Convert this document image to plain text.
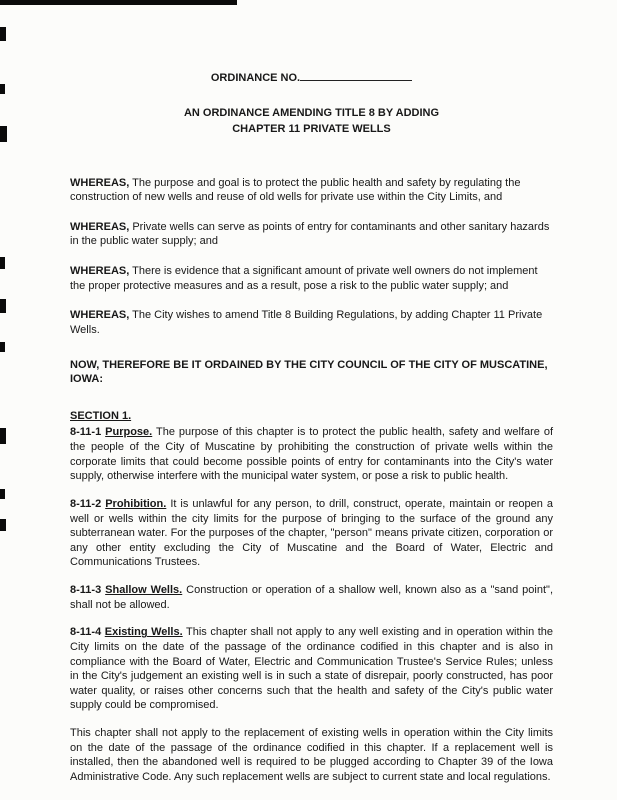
ORDINANCE NO.
AN ORDINANCE AMENDING TITLE 8 BY ADDING
CHAPTER 11 PRIVATE WELLS

WHEREAS, The purpose and goal is to protect the public health and safety by regulating the construction of new wells and reuse of old wells for private use within the City Limits, and

WHEREAS, Private wells can serve as points of entry for contaminants and other sanitary hazards in the public water supply; and

WHEREAS, There is evidence that a significant amount of private well owners do not implement the proper protective measures and as a result, pose a risk to the public water supply; and

WHEREAS, The City wishes to amend Title 8 Building Regulations, by adding Chapter 11 Private Wells.

NOW, THEREFORE BE IT ORDAINED BY THE CITY COUNCIL OF THE CITY OF MUSCATINE, IOWA:

SECTION 1.

8-11-1 Purpose. The purpose of this chapter is to protect the public health, safety and welfare of the people of the City of Muscatine by prohibiting the construction of private wells within the corporate limits that could become possible points of entry for contaminants into the City's water supply, otherwise interfere with the municipal water system, or pose a risk to public health.

8-11-2 Prohibition. It is unlawful for any person, to drill, construct, operate, maintain or reopen a well or wells within the city limits for the purpose of bringing to the surface of the ground any subterranean water. For the purposes of the chapter, "person" means private citizen, corporation or any other entity excluding the City of Muscatine and the Board of Water, Electric and Communications Trustees.

8-11-3 Shallow Wells. Construction or operation of a shallow well, known also as a "sand point", shall not be allowed.

8-11-4 Existing Wells. This chapter shall not apply to any well existing and in operation within the City limits on the date of the passage of the ordinance codified in this chapter and is also in compliance with the Board of Water, Electric and Communication Trustee's Service Rules; unless in the City's judgement an existing well is in such a state of disrepair, poorly constructed, has poor water quality, or raises other concerns such that the health and safety of the City's public water supply could be compromised.

This chapter shall not apply to the replacement of existing wells in operation within the City limits on the date of the passage of the ordinance codified in this chapter. If a replacement well is installed, then the abandoned well is required to be plugged according to Chapter 39 of the Iowa Administrative Code. Any such replacement wells are subject to current state and local regulations.
